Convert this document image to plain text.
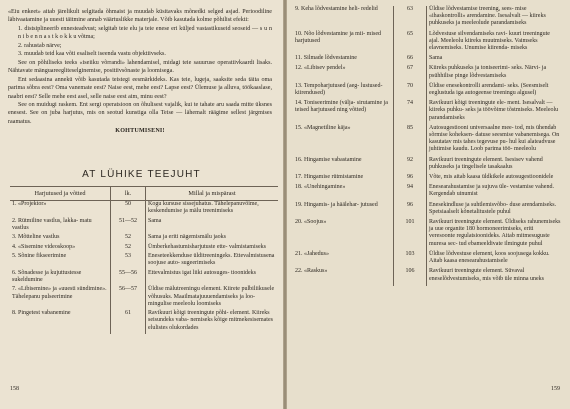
«Eiu enkeet» aitab järelikult selgitada õhmaist ja muudab küsitavaks mõnedki selged asjad. Perioodiline läbivaatamine ja uuesti täitmine annab väärtuslikke materjale. Võib kasutada kolme põhilist efekti:

1. distsiplineerib ennesteadvust; selgitab teie elu ja teie enese eri küljed vastastikuseid seoseid — s u n n i b e n n a s t k o k k u võtma;

2. rahustab närve;

3. muudab teid kaa võti esaliselt iseenda vastu objektiivseks.

See on põhiliseks teeks «iseiiku võrrandi» lahendamisel, midagi teie sauuruse operatiivkaardi lisaks. Nähtavate mänguareegliteselginemise, positiivsõnaste ja loomisega.

Ent sedaasina annekü võib kasutada teistegi eesmärkideks. Kas teie, lugeja, saaksite seda täita oma parima sõbra eest? Oma vanemate eest? Naise eest, mehe eest? Lapse eest? Ülemuse ja alluva, töökaaslase, naabri eest? Selle mehe eest asel, selle naise eest aim, minu eest?

See on muidugi raskem. Ent sergi operatsioon on õhulisest vajalik, kui te tahate aru saada mitte üksnes enesest. See on juba harjutus, mis on seotud kunstiga olla Teise — lähemalt räägime sellest järgmises raamatus.

KOHTUMISENI!

AT LÜHIKE TEEJUHT
Harjutused ja võtted	lk.	Millal ja mispärast
1. «Projektor»	50	Kogu kursuse sissejuhatus. Tähelepanuvõime, keskendumise ja mälu treenimiseks
2. Rütmiline vastlus, lakka- matu vastlus	51—52	Sama
3. Mõtteline vastlus	52	Sama ja eriti nägemismälu jaoks
4. «Sisemine videoskoop»	52	Ümberkehastumisharjutuste ette- valmistamiseks
5. Sõnine fikseerimine	53	Eneseteekkenduse ülditreeningeks. Ettevalmistusena soojuse auto- sugeerimiseks
6. Sõnadesse ja kujuttustesse sukeldumine	55—56	Ettevalmistus igat liiki autosuges- tioonideks
7. «Libisemine» ja «uuesti sündimine». Tähelepanu pulseerimine	56—57	Üldise mälutreeningu element. Kiirete pulbiliikusele võhusuks. Maailmatajuuuendamiseks ja loo- mingulise meeleolu loomiseks
8. Pingetest vabanemine	61	Ravikuuri kõigi treeningute põhi- element. Kiireks seisundeks vaba- nemiseks kõige mitmekesisemates elulistes olukordades
158
9. Keha lõdvestamine heli- redelid	63	Üldise lõdvestamise treening, sees- mise «ihaskontrolli» arendamine. Isesalvalt — kiireks puhkuseks ja meeleolude parandamiseks
10. Nõo lõdvestamine ja mii- mised harjutused	65	Lõdvestuse silvendamiseks ravi- kuuri treeningute ajal. Meeleolu kiireks muutmiseks. Vaimseks elavnemiseks. Unumise kiirenda- miseks
11. Silmade lõdvestamine	66	Sama
12. «Libisev pendel»	67	Kiireks puhkuseks ja toniseerimi- seks. Närvi- ja psühhilise pinge lõdvestamiseks
13. Tempoharjutused (aeg- lustused-kiirendused)	70	Üldise enesekontrolli arendami- seks. (Seesmiselt eeglustuda iga autogeense treeningu algusel)
14. Toniseerimine (välja- sirutamine ja teised harjutused ning võtted)	74	Ravikuuri kõigi treeningute ele- ment. Isesalvalt — kiireks puhku- seks ja töövõime tõstmiseks. Meeleolu parandamiseks
15. «Magnetiline käja»	85	Autosugestiooni universaalne mee- tod, mis ühendab sõrmise koheksen- datuse seesmise vabanemisega. On kasutatav mis tahes tegevuse pu- hul kui alateadvuse juhtimise kaudu. Loob parima töö- meeleolu
16. Hingamise vabastamine	92	Ravikuuri treeningute element. Isesisev vahend puhkuseks ja tingelisele tasakaalus
17. Hingamise rütmistamine	96	Võte, mis aitab kaasa üldkikele autosugestioonidele
18. «Unehingamine»	94	Enesearahustamise ja sujuva üle- vestamise vahend. Kergendab uinumist
19. Hingamis- ja häälehar- jutused	96	Enesekindluse ja suhtlemisvõbo- duse arendamiseks. Spetsiaalselt kõnetalitustele puhul
20. «Soojus»	101	Ravikuuri treeningute element. Üldiseks rahunemiseks ja uue organite 180 hormoneerimiseks, eriti veresoonte regulatsioonideks. Aitab mitmesuguste muresa sec- tud ebameeldivate ilmingute puhul
21. «Jahedus»	103	Üldise lõdvestuse element, koos soojusega kokku. Aitab kaasa enesearahustamisele
22. «Raskus»	106	Ravikuuri treeningute element. Süvaval eneselõdvestumiseks, mis võib üle minna uneks
159
